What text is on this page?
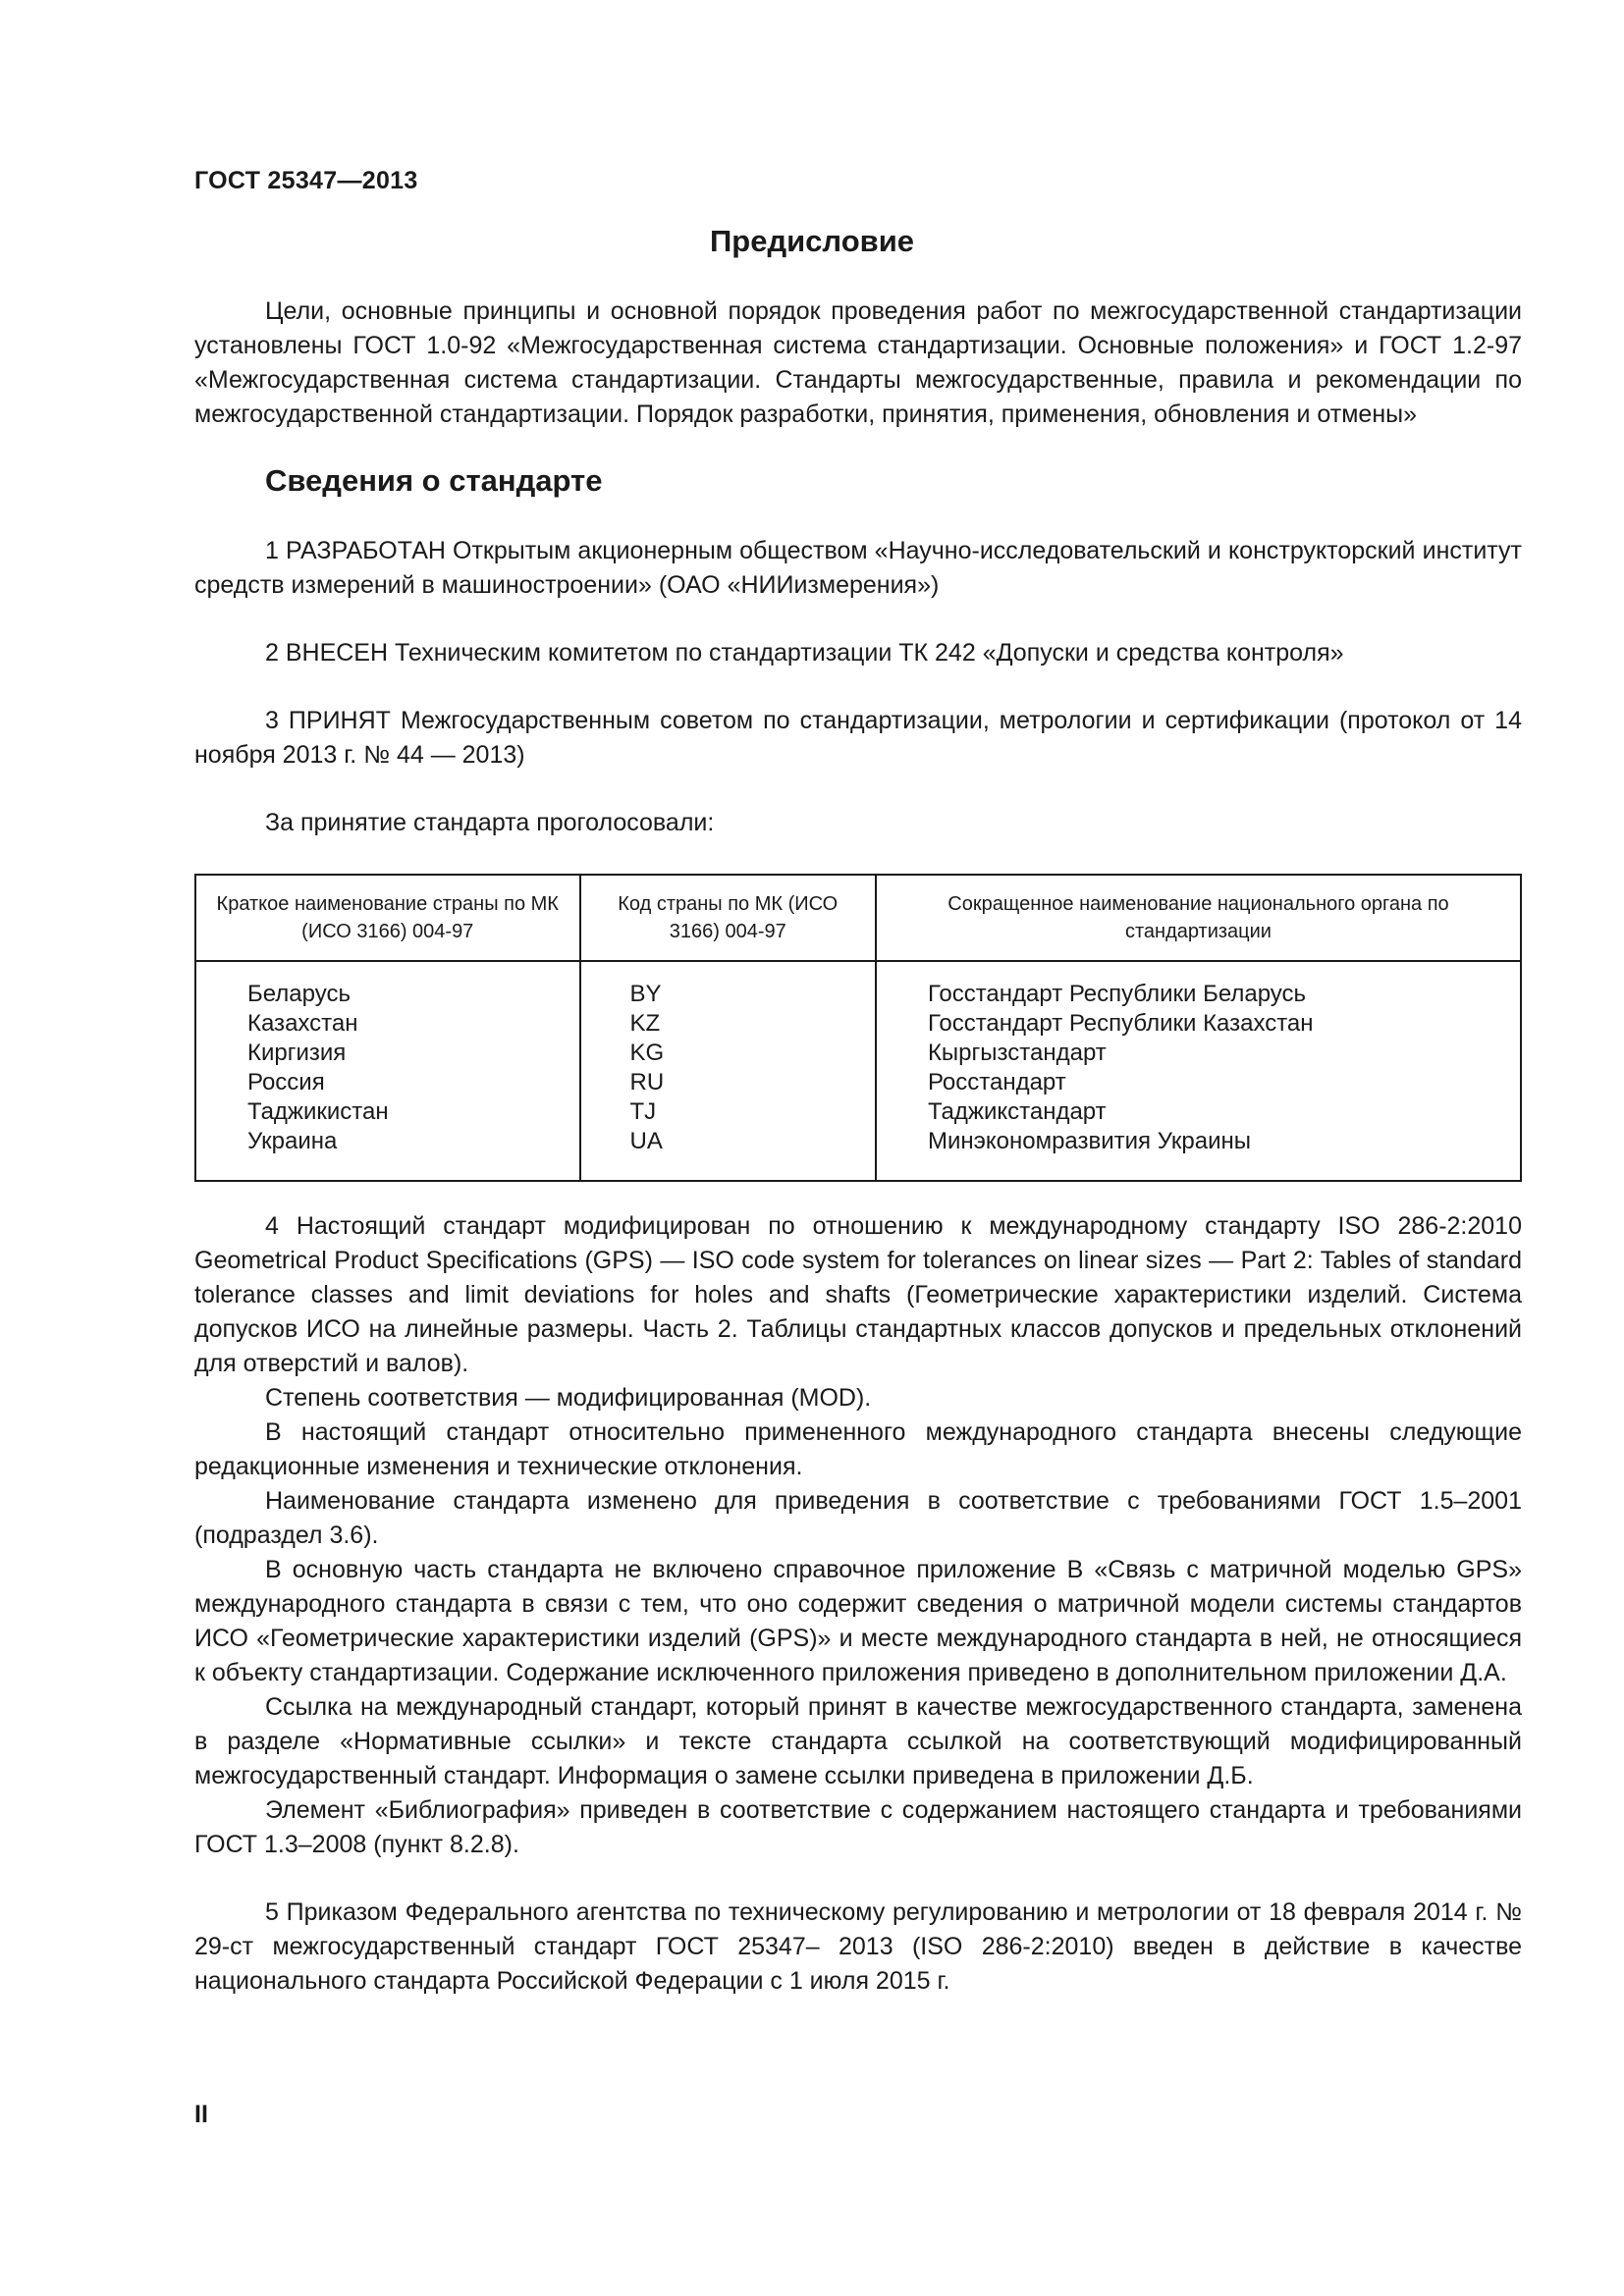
ГОСТ 25347—2013
Предисловие

Цели, основные принципы и основной порядок проведения работ по межгосударственной стандартизации установлены ГОСТ 1.0-92 «Межгосударственная система стандартизации. Основные положения» и ГОСТ 1.2-97 «Межгосударственная система стандартизации. Стандарты межгосударственные, правила и рекомендации по межгосударственной стандартизации. Порядок разработки, принятия, применения, обновления и отмены»

Сведения о стандарте

1 РАЗРАБОТАН Открытым акционерным обществом «Научно-исследовательский и конструкторский институт средств измерений в машиностроении» (ОАО «НИИизмерения»)

2 ВНЕСЕН Техническим комитетом по стандартизации ТК 242 «Допуски и средства контроля»

3 ПРИНЯТ Межгосударственным советом по стандартизации, метрологии и сертификации (протокол от 14 ноября 2013 г. № 44 — 2013)

За принятие стандарта проголосовали:

Краткое наименование страны по МК (ИСО 3166) 004-97	Код страны по МК (ИСО 3166) 004-97	Сокращенное наименование национального органа по стандартизации
Беларусь	BY	Госстандарт Республики Беларусь
Казахстан	KZ	Госстандарт Республики Казахстан
Киргизия	KG	Кыргызстандарт
Россия	RU	Росстандарт
Таджикистан	TJ	Таджикстандарт
Украина	UA	Минэкономразвития Украины

4 Настоящий стандарт модифицирован по отношению к международному стандарту ISO 286-2:2010 Geometrical Product Specifications (GPS) — ISO code system for tolerances on linear sizes — Part 2: Tables of standard tolerance classes and limit deviations for holes and shafts (Геометрические характеристики изделий. Система допусков ИСО на линейные размеры. Часть 2. Таблицы стандартных классов допусков и предельных отклонений для отверстий и валов).

Степень соответствия — модифицированная (MOD).

В настоящий стандарт относительно примененного международного стандарта внесены следующие редакционные изменения и технические отклонения.

Наименование стандарта изменено для приведения в соответствие с требованиями ГОСТ 1.5–2001 (подраздел 3.6).

В основную часть стандарта не включено справочное приложение В «Связь с матричной моделью GPS» международного стандарта в связи с тем, что оно содержит сведения о матричной модели системы стандартов ИСО «Геометрические характеристики изделий (GPS)» и месте международного стандарта в ней, не относящиеся к объекту стандартизации. Содержание исключенного приложения приведено в дополнительном приложении Д.А.

Ссылка на международный стандарт, который принят в качестве межгосударственного стандарта, заменена в разделе «Нормативные ссылки» и тексте стандарта ссылкой на соответствующий модифицированный межгосударственный стандарт. Информация о замене ссылки приведена в приложении Д.Б.

Элемент «Библиография» приведен в соответствие с содержанием настоящего стандарта и требованиями ГОСТ 1.3–2008 (пункт 8.2.8).

5 Приказом Федерального агентства по техническому регулированию и метрологии от 18 февраля 2014 г. № 29-ст межгосударственный стандарт ГОСТ 25347– 2013 (ISO 286-2:2010) введен в действие в качестве национального стандарта Российской Федерации с 1 июля 2015 г.

II
